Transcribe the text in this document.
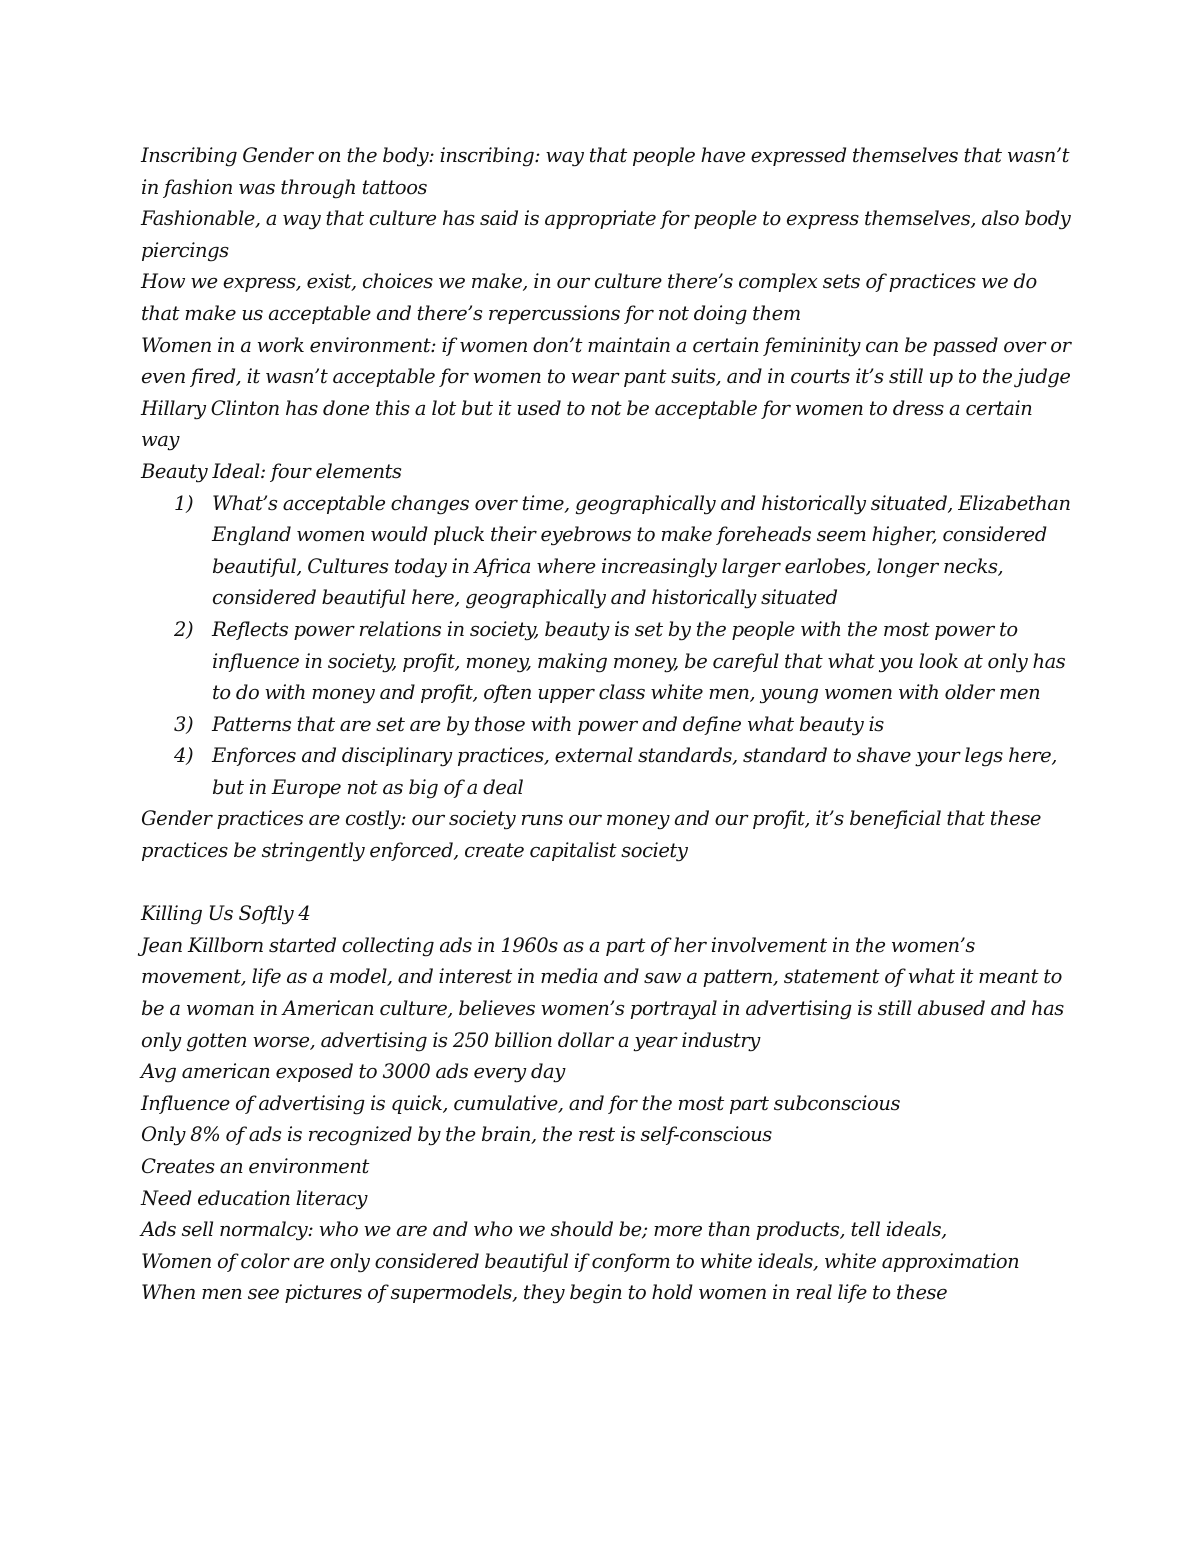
Inscribing Gender on the body: inscribing: way that people have expressed themselves that wasn’t in fashion was through tattoos

Fashionable, a way that culture has said is appropriate for people to express themselves, also body piercings

How we express, exist, choices we make, in our culture there’s complex sets of practices we do that make us acceptable and there’s repercussions for not doing them

Women in a work environment: if women don’t maintain a certain femininity can be passed over or even fired, it wasn’t acceptable for women to wear pant suits, and in courts it’s still up to the judge

Hillary Clinton has done this a lot but it used to not be acceptable for women to dress a certain way

Beauty Ideal: four elements

1) What’s acceptable changes over time, geographically and historically situated, Elizabethan England women would pluck their eyebrows to make foreheads seem higher, considered beautiful, Cultures today in Africa where increasingly larger earlobes, longer necks, considered beautiful here, geographically and historically situated
2) Reflects power relations in society, beauty is set by the people with the most power to influence in society, profit, money, making money, be careful that what you look at only has to do with money and profit, often upper class white men, young women with older men
3) Patterns that are set are by those with power and define what beauty is
4) Enforces and disciplinary practices, external standards, standard to shave your legs here, but in Europe not as big of a deal

Gender practices are costly: our society runs our money and our profit, it’s beneficial that these practices be stringently enforced, create capitalist society

Killing Us Softly 4

Jean Killborn started collecting ads in 1960s as a part of her involvement in the women’s movement, life as a model, and interest in media and saw a pattern, statement of what it meant to be a woman in American culture, believes women’s portrayal in advertising is still abused and has only gotten worse, advertising is 250 billion dollar a year industry

Avg american exposed to 3000 ads every day

Influence of advertising is quick, cumulative, and for the most part subconscious

Only 8% of ads is recognized by the brain, the rest is self-conscious

Creates an environment

Need education literacy

Ads sell normalcy: who we are and who we should be; more than products, tell ideals,

Women of color are only considered beautiful if conform to white ideals, white approximation

When men see pictures of supermodels, they begin to hold women in real life to these
